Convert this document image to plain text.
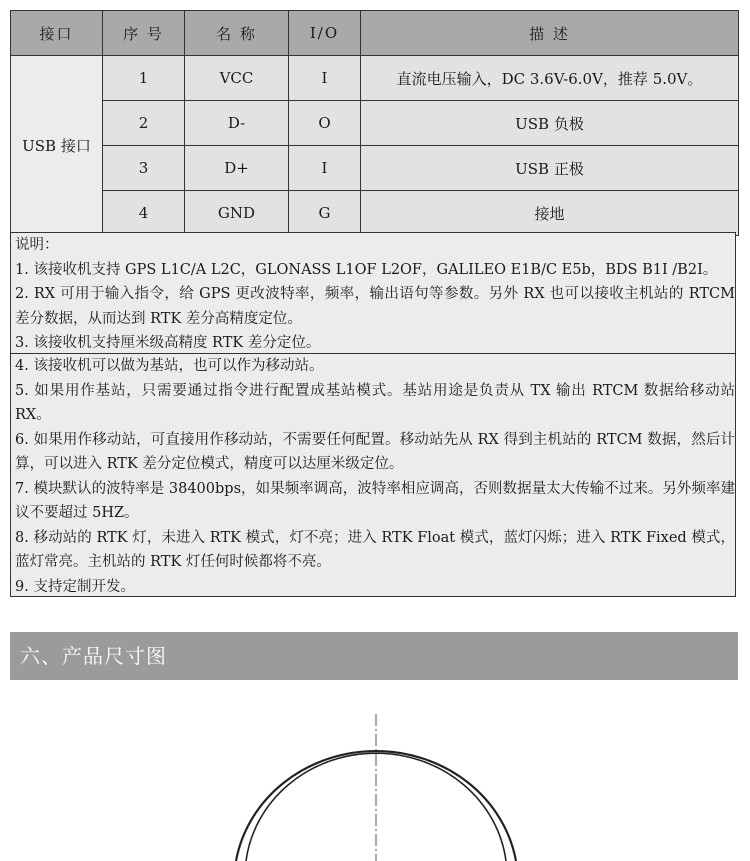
接口	序 号	名 称	I/O	描 述
USB 接口	1	VCC	I	直流电压输入，DC 3.6V-6.0V，推荐 5.0V。
	2	D-	O	USB 负极
	3	D+	I	USB 正极
	4	GND	G	接地

说明：

1. 该接收机支持 GPS L1C/A L2C，GLONASS L1OF L2OF，GALILEO E1B/C E5b，BDS B1I /B2I。

2. RX 可用于输入指令，给 GPS 更改波特率，频率，输出语句等参数。另外 RX 也可以接收主机站的 RTCM 差分数据，从而达到 RTK 差分高精度定位。

3. 该接收机支持厘米级高精度 RTK 差分定位。

4. 该接收机可以做为基站，也可以作为移动站。

5. 如果用作基站，只需要通过指令进行配置成基站模式。基站用途是负责从 TX 输出 RTCM 数据给移动站 RX。

6. 如果用作移动站，可直接用作移动站，不需要任何配置。移动站先从 RX 得到主机站的 RTCM 数据，然后计算，可以进入 RTK 差分定位模式，精度可以达厘米级定位。

7. 模块默认的波特率是 38400bps，如果频率调高，波特率相应调高，否则数据量太大传输不过来。另外频率建议不要超过 5HZ。

8. 移动站的 RTK 灯，未进入 RTK 模式，灯不亮；进入 RTK Float 模式，蓝灯闪烁；进入 RTK Fixed 模式，蓝灯常亮。主机站的 RTK 灯任何时候都将不亮。

9. 支持定制开发。

六、产品尺寸图
